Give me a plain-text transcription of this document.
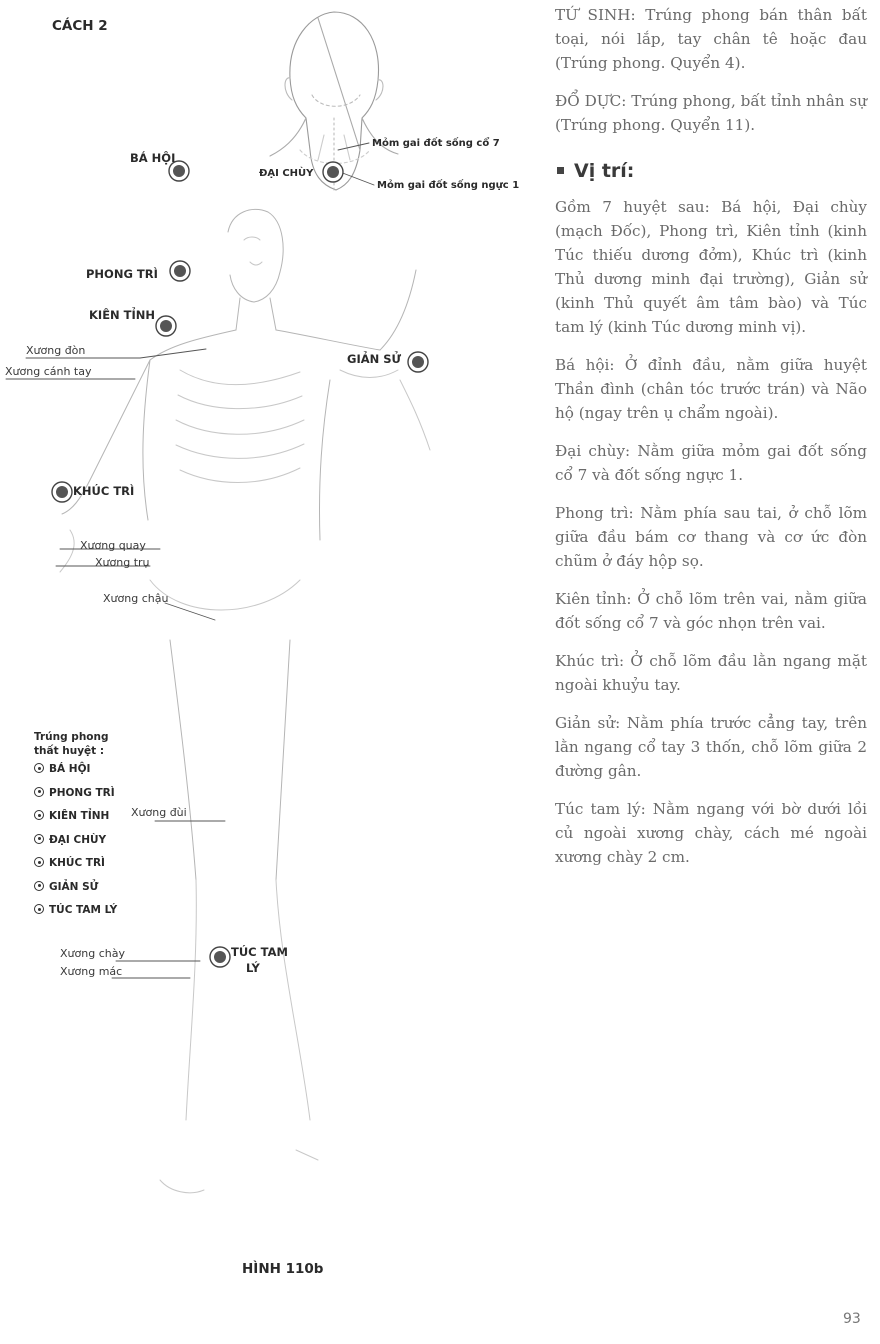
CÁCH 2
BÁ HỘI
ĐẠI CHÙY
PHONG TRÌ
KIÊN TỈNH
GIẢN SỬ
KHÚC TRÌ
TÚC TAM
LÝ
Mỏm gai đốt sống cổ 7
Mỏm gai đốt sống ngực 1
Xương đòn
Xương cánh tay
Xương quay
Xương trụ
Xương chậu
Xương đùi
Xương chày
Xương mác
Trúng phong
thất huyệt :
BÁ HỘI
PHONG TRÌ
KIÊN TỈNH
ĐẠI CHÙY
KHÚC TRÌ
GIẢN SỬ
TÚC TAM LÝ
HÌNH 110b

TỨ SINH: Trúng phong bán thân bất toại, nói lắp, tay chân tê hoặc đau (Trúng phong. Quyển 4).

ĐỔ DỰC: Trúng phong, bất tỉnh nhân sự (Trúng phong. Quyển 11).

Vị trí:

Gồm 7 huyệt sau: Bá hội, Đại chùy (mạch Đốc), Phong trì, Kiên tỉnh (kinh Túc thiếu dương đởm), Khúc trì (kinh Thủ dương minh đại trường), Giản sử (kinh Thủ quyết âm tâm bào) và Túc tam lý (kinh Túc dương minh vị).

Bá hội: Ở đỉnh đầu, nằm giữa huyệt Thần đình (chân tóc trước trán) và Não hộ (ngay trên ụ chẩm ngoài).

Đại chùy: Nằm giữa mỏm gai đốt sống cổ 7 và đốt sống ngực 1.

Phong trì: Nằm phía sau tai, ở chỗ lõm giữa đầu bám cơ thang và cơ ức đòn chũm ở đáy hộp sọ.

Kiên tỉnh: Ở chỗ lõm trên vai, nằm giữa đốt sống cổ 7 và góc nhọn trên vai.

Khúc trì: Ở chỗ lõm đầu lằn ngang mặt ngoài khuỷu tay.

Giản sử: Nằm phía trước cẳng tay, trên lằn ngang cổ tay 3 thốn, chỗ lõm giữa 2 đường gân.

Túc tam lý: Nằm ngang với bờ dưới lồi củ ngoài xương chày, cách mé ngoài xương chày 2 cm.

93
